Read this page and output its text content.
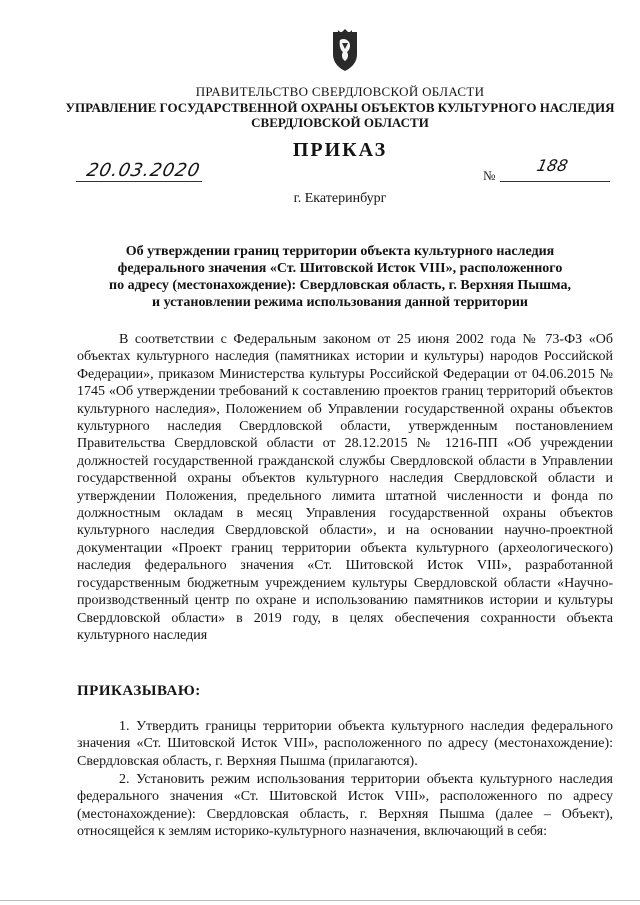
ПРАВИТЕЛЬСТВО СВЕРДЛОВСКОЙ ОБЛАСТИ
УПРАВЛЕНИЕ ГОСУДАРСТВЕННОЙ ОХРАНЫ ОБЪЕКТОВ КУЛЬТУРНОГО НАСЛЕДИЯ
СВЕРДЛОВСКОЙ ОБЛАСТИ
ПРИКАЗ
20.03.2020	№
188
г. Екатеринбург
Об утверждении границ территории объекта культурного наследия
федерального значения «Ст. Шитовской Исток VIII», расположенного
по адресу (местонахождение): Свердловская область, г. Верхняя Пышма,
и установлении режима использования данной территории

В соответствии с Федеральным законом от 25 июня 2002 года № 73-ФЗ «Об объектах культурного наследия (памятниках истории и культуры) народов Российской Федерации», приказом Министерства культуры Российской Федерации от 04.06.2015 № 1745 «Об утверждении требований к составлению проектов границ территорий объектов культурного наследия», Положением об Управлении государственной охраны объектов культурного наследия Свердловской области, утвержденным постановлением Правительства Свердловской области от 28.12.2015 № 1216-ПП «Об учреждении должностей государственной гражданской службы Свердловской области в Управлении государственной охраны объектов культурного наследия Свердловской области и утверждении Положения, предельного лимита штатной численности и фонда по должностным окладам в месяц Управления государственной охраны объектов культурного наследия Свердловской области», и на основании научно-проектной документации «Проект границ территории объекта культурного (археологического) наследия федерального значения «Ст. Шитовской Исток VIII», разработанной государственным бюджетным учреждением культуры Свердловской области «Научно-производственный центр по охране и использованию памятников истории и культуры Свердловской области» в 2019 году, в целях обеспечения сохранности объекта культурного наследия

ПРИКАЗЫВАЮ:

1. Утвердить границы территории объекта культурного наследия федерального значения «Ст. Шитовской Исток VIII», расположенного по адресу (местонахождение): Свердловская область, г. Верхняя Пышма (прилагаются).

2. Установить режим использования территории объекта культурного наследия федерального значения «Ст. Шитовской Исток VIII», расположенного по адресу (местонахождение): Свердловская область, г. Верхняя Пышма (далее – Объект), относящейся к землям историко-культурного назначения, включающий в себя:
